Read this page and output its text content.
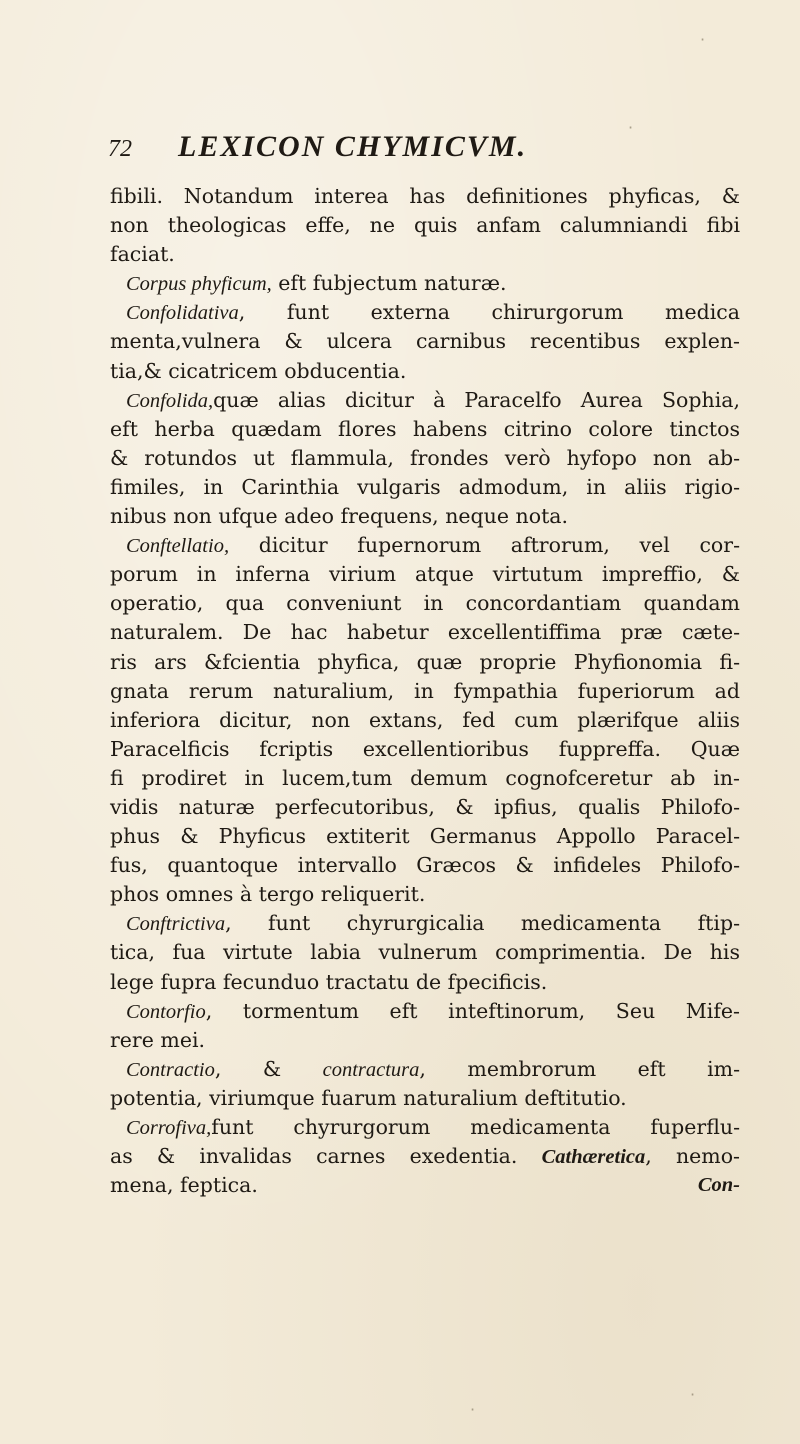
72 LEXICON CHYMICVM.
fibili. Notandum interea has definitiones phyficas, &
non theologicas effe, ne quis anfam calumniandi fibi
faciat.
Corpus phyficum, eft fubjectum naturæ.
Confolidativa, funt externa chirurgorum medica
menta,vulnera & ulcera carnibus recentibus explen-
tia,& cicatricem obducentia.
Confolida,quæ alias dicitur à Paracelfo Aurea Sophia,
eft herba quædam flores habens citrino colore tinctos
& rotundos ut flammula, frondes verò hyfopo non ab-
fimiles, in Carinthia vulgaris admodum, in aliis rigio-
nibus non ufque adeo frequens, neque nota.
Conftellatio, dicitur fupernorum aftrorum, vel cor-
porum in inferna virium atque virtutum impreffio, &
operatio, qua conveniunt in concordantiam quandam
naturalem. De hac habetur excellentiffima præ cæte-
ris ars &fcientia phyfica, quæ proprie Phyfionomia fi-
gnata rerum naturalium, in fympathia fuperiorum ad
inferiora dicitur, non extans, fed cum plærifque aliis
Paracelficis fcriptis excellentioribus fuppreffa. Quæ
fi prodiret in lucem,tum demum cognofceretur ab in-
vidis naturæ perfecutoribus, & ipfius, qualis Philofo-
phus & Phyficus extiterit Germanus Appollo Paracel-
fus, quantoque intervallo Græcos & infideles Philofo-
phos omnes à tergo reliquerit.
Conftrictiva, funt chyrurgicalia medicamenta ftip-
tica, fua virtute labia vulnerum comprimentia. De his
lege fupra fecunduo tractatu de fpecificis.
Contorfio, tormentum eft inteftinorum, Seu Mife-
rere mei.
Contractio, & contractura, membrorum eft im-
potentia, viriumque fuarum naturalium deftitutio.
Corrofiva,funt chyrurgorum medicamenta fuperflu-
as & invalidas carnes exedentia. Cathæretica, nemo-
mena, feptica.	Con-
·
·
·
·
